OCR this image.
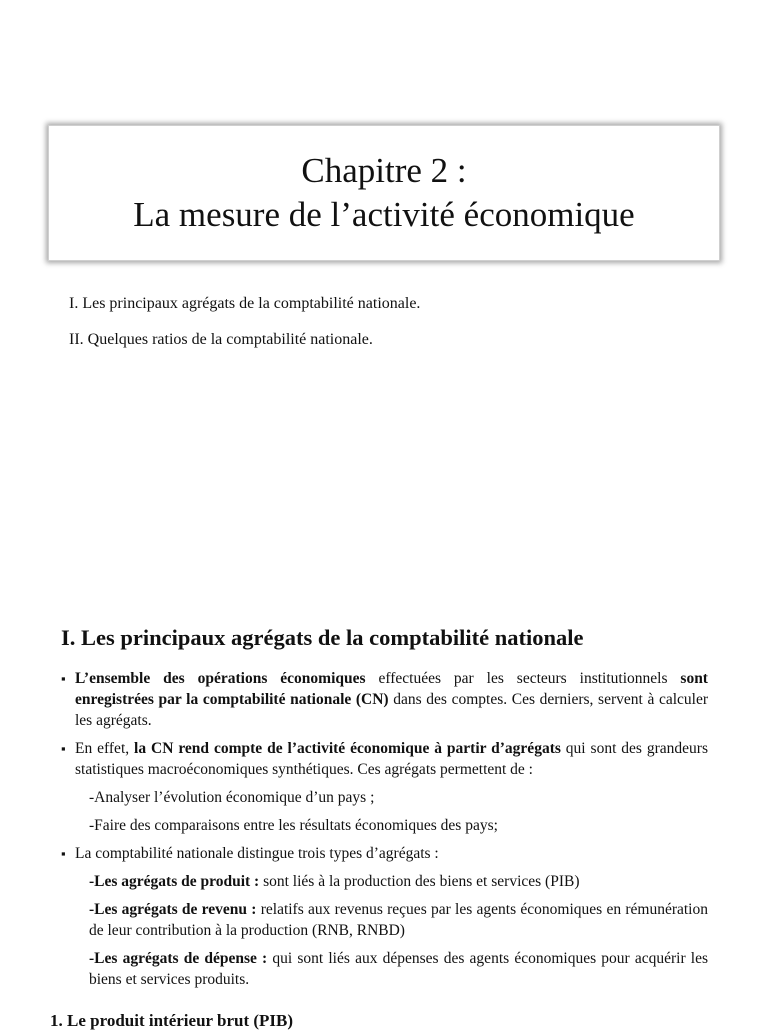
Chapitre 2 :
La mesure de l’activité économique
I. Les principaux agrégats de la comptabilité nationale.
II. Quelques ratios de la comptabilité nationale.
I. Les principaux agrégats de la comptabilité nationale
▪ L’ensemble des opérations économiques effectuées par les secteurs institutionnels sont enregistrées par la comptabilité nationale (CN) dans des comptes. Ces derniers, servent à calculer les agrégats.
▪ En effet, la CN rend compte de l’activité économique à partir d’agrégats qui sont des grandeurs statistiques macroéconomiques synthétiques. Ces agrégats permettent de :
-Analyser l’évolution économique d’un pays ;
-Faire des comparaisons entre les résultats économiques des pays;
▪ La comptabilité nationale distingue trois types d’agrégats :
-Les agrégats de produit : sont liés à la production des biens et services (PIB)
-Les agrégats de revenu : relatifs aux revenus reçues par les agents économiques en rémunération de leur contribution à la production (RNB, RNBD)
-Les agrégats de dépense : qui sont liés aux dépenses des agents économiques pour acquérir les biens et services produits.
1. Le produit intérieur brut (PIB)
